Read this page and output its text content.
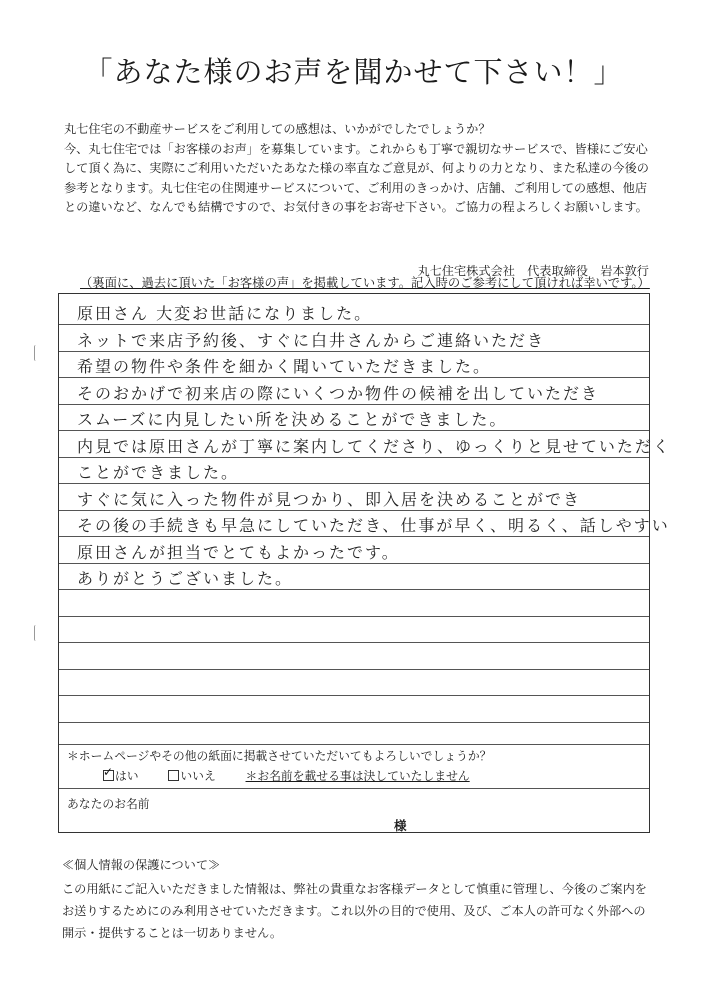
「あなた様のお声を聞かせて下さい！」

丸七住宅の不動産サービスをご利用しての感想は、いかがでしたでしょうか？

今、丸七住宅では「お客様のお声」を募集しています。これからも丁寧で親切なサービスで、皆様にご安心

して頂く為に、実際にご利用いただいたあなた様の率直なご意見が、何よりの力となり、また私達の今後の

参考となります。丸七住宅の住関連サービスについて、ご利用のきっかけ、店舗、ご利用しての感想、他店

との違いなど、なんでも結構ですので、お気付きの事をお寄せ下さい。ご協力の程よろしくお願いします。

丸七住宅株式会社　代表取締役　岩本敦行
（裏面に、過去に頂いた「お客様の声」を掲載しています。記入時のご参考にして頂ければ幸いです。）
原田さん 大変お世話になりました。
ネットで来店予約後、すぐに白井さんからご連絡いただき
希望の物件や条件を細かく聞いていただきました。
そのおかげで初来店の際にいくつか物件の候補を出していただき
スムーズに内見したい所を決めることができました。
内見では原田さんが丁寧に案内してくださり、ゆっくりと見せていただく
ことができました。
すぐに気に入った物件が見つかり、即入居を決めることができ
その後の手続きも早急にしていただき、仕事が早く、明るく、話しやすい
原田さんが担当でとてもよかったです。
ありがとうございました。
＊ホームページやその他の紙面に掲載させていただいてもよろしいでしょうか？
✓はい	いいえ	＊お名前を載せる事は決していたしません
あなたのお名前
様
≪個人情報の保護について≫

この用紙にご記入いただきました情報は、弊社の貴重なお客様データとして慎重に管理し、今後のご案内を

お送りするためにのみ利用させていただきます。これ以外の目的で使用、及び、ご本人の許可なく外部への

開示・提供することは一切ありません。
